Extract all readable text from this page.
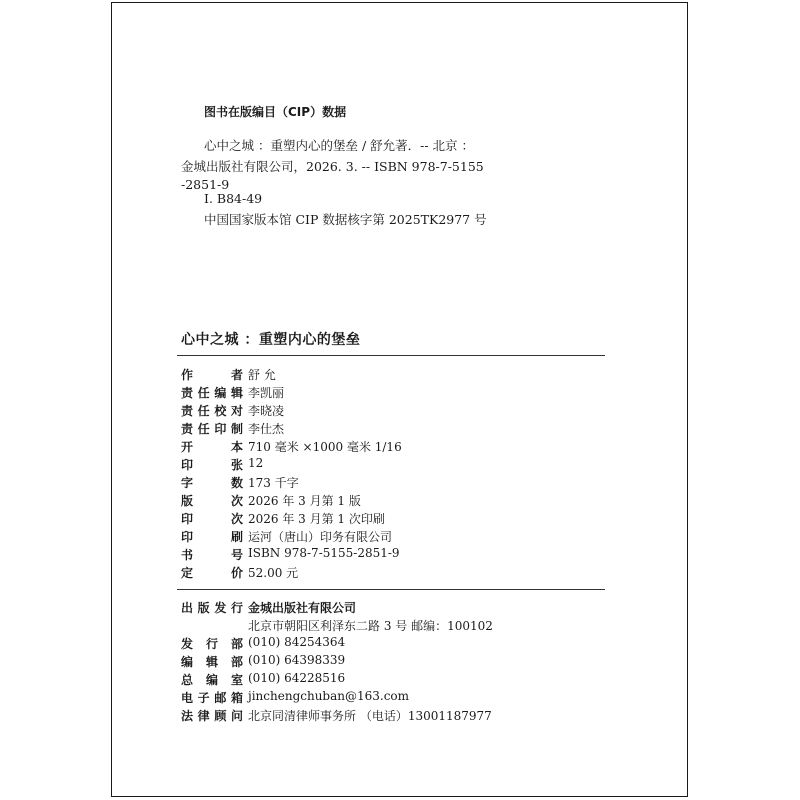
图书在版编目（CIP）数据
心中之城 ：重塑内心的堡垒 / 舒允著．-- 北京 ：
金城出版社有限公司，2026. 3. -- ISBN 978-7-5155
-2851-9
I. B84-49
中国国家版本馆 CIP 数据核字第 2025TK2977 号
心中之城 ：重塑内心的堡垒
作者 舒 允
责任编辑 李凯丽
责任校对 李晓凌
责任印制 李仕杰
开本 710 毫米 ×1000 毫米 1/16
印张 12
字数 173 千字
版次 2026 年 3 月第 1 版
印次 2026 年 3 月第 1 次印刷
印刷 运河（唐山）印务有限公司
书号 ISBN 978-7-5155-2851-9
定价 52.00 元
出版发行 金城出版社有限公司
北京市朝阳区利泽东二路 3 号 邮编：100102
发行部 (010) 84254364
编辑部 (010) 64398339
总编室 (010) 64228516
电子邮箱 jinchengchuban@163.com
法律顾问 北京同清律师事务所 （电话）13001187977
